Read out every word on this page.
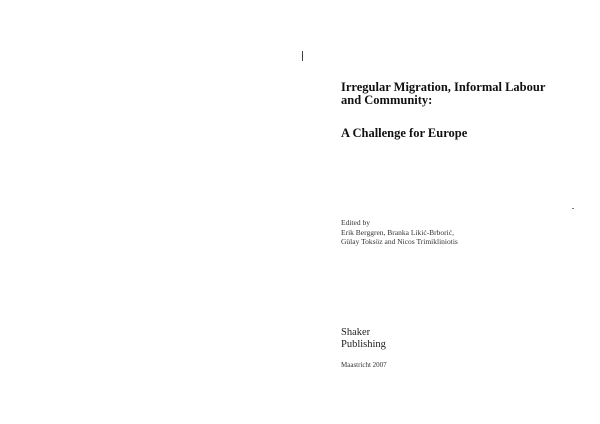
Irregular Migration, Informal Labour
and Community:
A Challenge for Europe
Edited by
Erik Berggren, Branka Likić-Brborić,
Gülay Toksöz and Nicos Trimikliniotis
Shaker
Publishing
Maastricht 2007
